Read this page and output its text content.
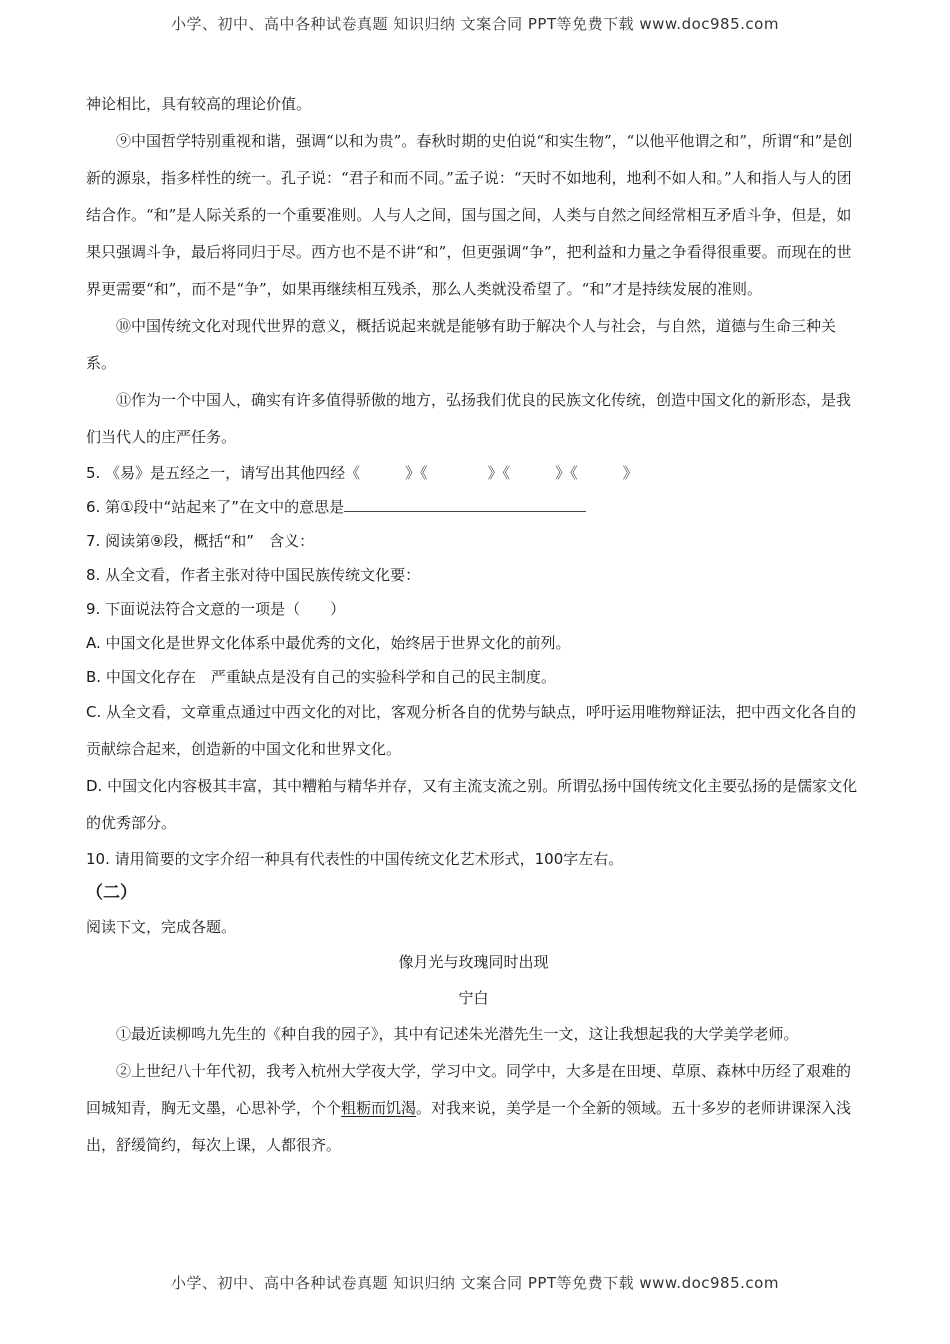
小学、初中、高中各种试卷真题 知识归纳 文案合同 PPT等免费下载 www.doc985.com

神论相比，具有较高的理论价值。

⑨中国哲学特别重视和谐，强调“以和为贵”。春秋时期的史伯说“和实生物”，“以他平他谓之和”，所谓“和”是创新的源泉，指多样性的统一。孔子说：“君子和而不同。”孟子说：“天时不如地利，地利不如人和。”人和指人与人的团结合作。“和”是人际关系的一个重要准则。人与人之间，国与国之间，人类与自然之间经常相互矛盾斗争，但是，如果只强调斗争，最后将同归于尽。西方也不是不讲“和”，但更强调“争”，把利益和力量之争看得很重要。而现在的世界更需要“和”，而不是“争”，如果再继续相互残杀，那么人类就没希望了。“和”才是持续发展的准则。

⑩中国传统文化对现代世界的意义，概括说起来就是能够有助于解决个人与社会，与自然，道德与生命三种关系。

⑪作为一个中国人，确实有许多值得骄傲的地方，弘扬我们优良的民族文化传统，创造中国文化的新形态，是我们当代人的庄严任务。

5. 《易》是五经之一，请写出其他四经《　　　》《　　　　》《　　　》《　　　》

6. 第①段中“站起来了”在文中的意思是

7. 阅读第⑨段，概括“和”　含义：

8. 从全文看，作者主张对待中国民族传统文化要：

9. 下面说法符合文意的一项是（　　）

A. 中国文化是世界文化体系中最优秀的文化，始终居于世界文化的前列。

B. 中国文化存在　严重缺点是没有自己的实验科学和自己的民主制度。

C. 从全文看，文章重点通过中西文化的对比，客观分析各自的优势与缺点，呼吁运用唯物辩证法，把中西文化各自的贡献综合起来，创造新的中国文化和世界文化。

D. 中国文化内容极其丰富，其中糟粕与精华并存，又有主流支流之别。所谓弘扬中国传统文化主要弘扬的是儒家文化的优秀部分。

10. 请用简要的文字介绍一种具有代表性的中国传统文化艺术形式，100字左右。

（二）

阅读下文，完成各题。

像月光与玫瑰同时出现

宁白

①最近读柳鸣九先生的《种自我的园子》，其中有记述朱光潜先生一文，这让我想起我的大学美学老师。

②上世纪八十年代初，我考入杭州大学夜大学，学习中文。同学中，大多是在田埂、草原、森林中历经了艰难的回城知青，胸无文墨，心思补学，个个粗粝而饥渴。对我来说，美学是一个全新的领域。五十多岁的老师讲课深入浅出，舒缓简约，每次上课，人都很齐。

小学、初中、高中各种试卷真题 知识归纳 文案合同 PPT等免费下载 www.doc985.com
